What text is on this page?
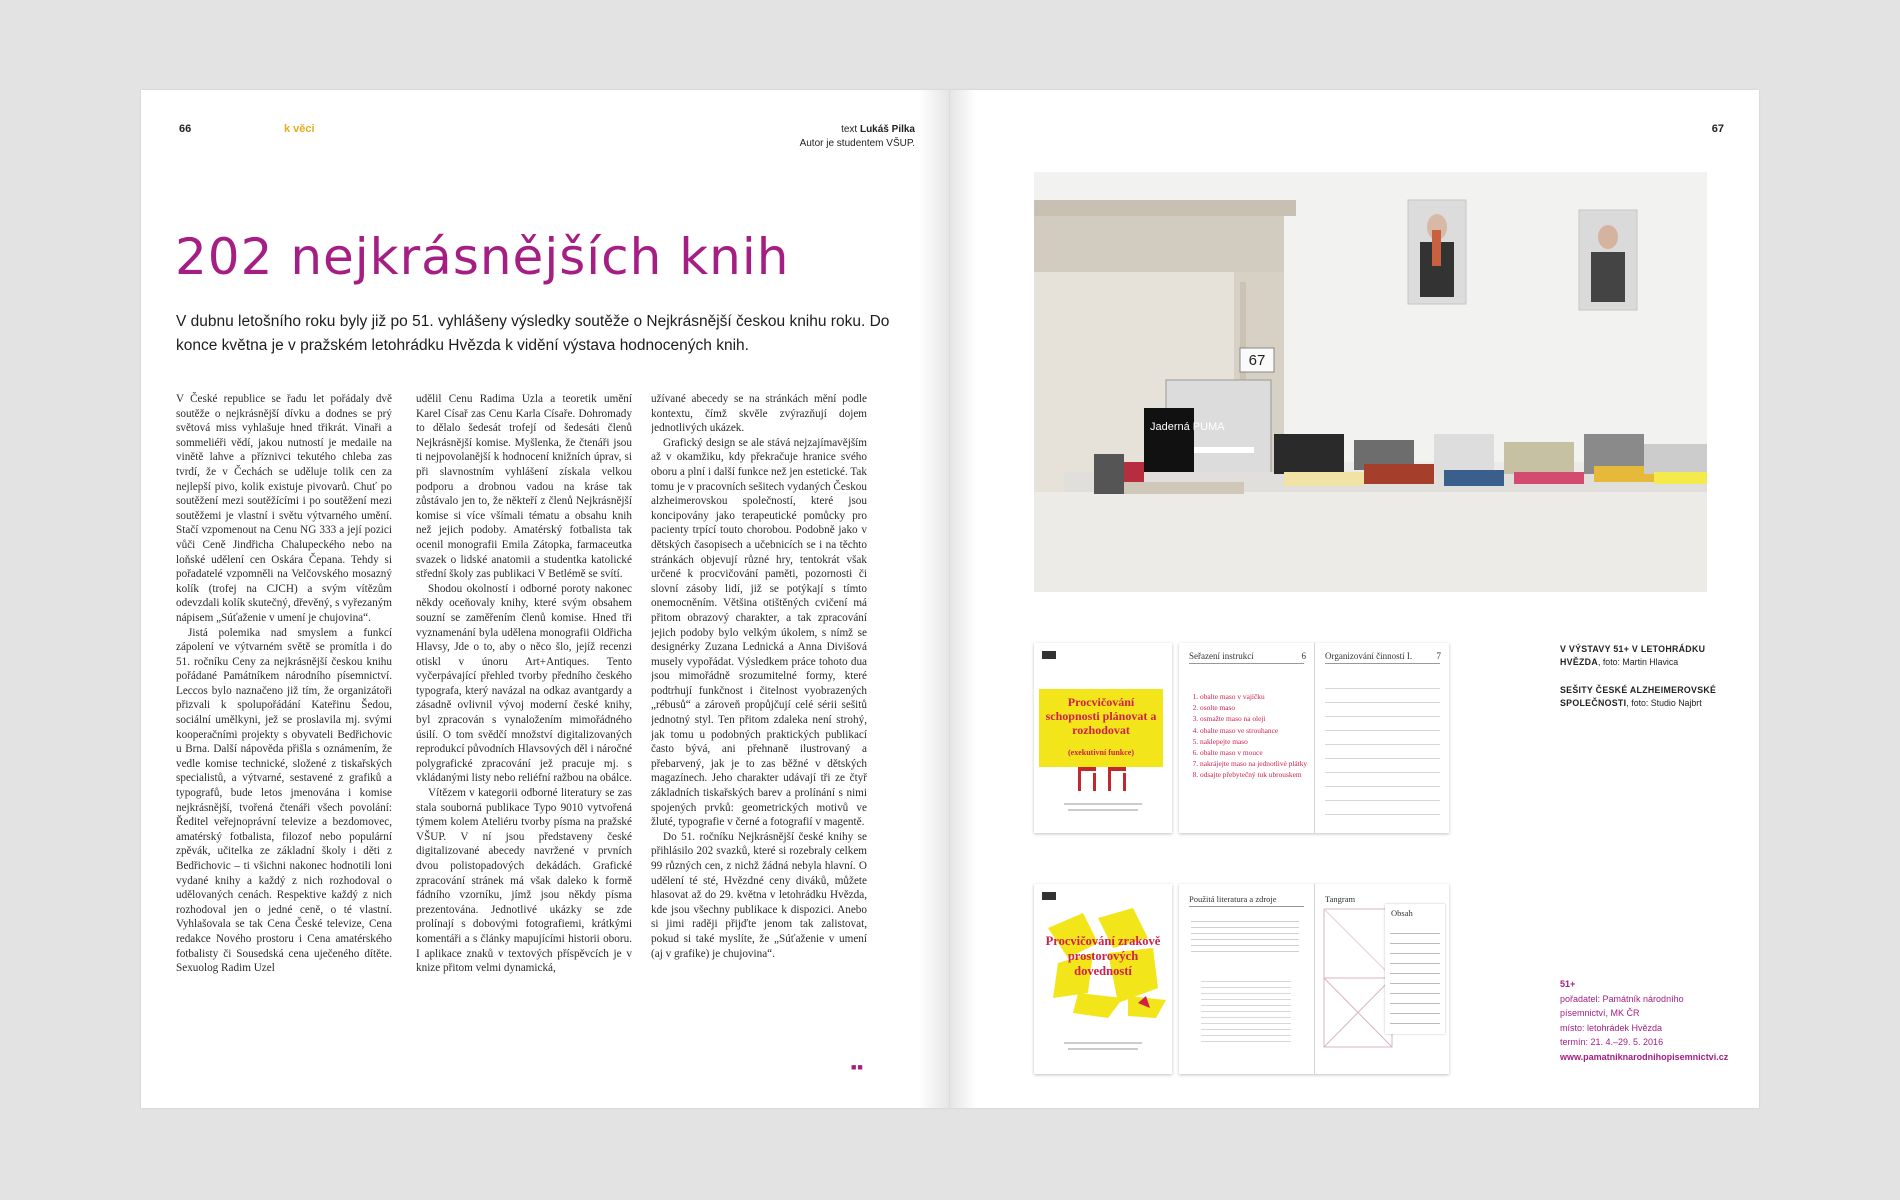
66	k věci	text Lukáš Pilka
Autor je studentem VŠUP.
202 nejkrásnějších knih

V dubnu letošního roku byly již po 51. vyhlášeny výsledky soutěže o Nejkrásnější českou knihu roku. Do konce května je v pražském letohrádku Hvězda k vidění výstava hodnocených knih.

V České republice se řadu let pořádaly dvě soutěže o nejkrásnější dívku a dodnes se prý světová miss vyhlašuje hned třikrát. Vinaři a sommeliéři vědí, jakou nutností je medaile na vinětě lahve a příznivci tekutého chleba zas tvrdí, že v Čechách se uděluje tolik cen za nejlepší pivo, kolik existuje pivovarů. Chuť po soutěžení mezi soutěžícími i po soutěžení mezi soutěžemi je vlastní i světu výtvarného umění. Stačí vzpomenout na Cenu NG 333 a její pozici vůči Ceně Jindřicha Chalupeckého nebo na loňské udělení cen Oskára Čepana. Tehdy si pořadatelé vzpomněli na Velčovského mosazný kolík (trofej na CJCH) a svým vítězům odevzdali kolík skutečný, dřevěný, s vyřezaným nápisem „Súťaženie v umení je chujovina“.

Jistá polemika nad smyslem a funkcí zápolení ve výtvarném světě se promítla i do 51. ročníku Ceny za nejkrásnější českou knihu pořádané Památníkem národního písemnictví. Leccos bylo naznačeno již tím, že organizátoři přizvali k spolupořádání Kateřinu Šedou, sociální umělkyni, jež se proslavila mj. svými kooperačními projekty s obyvateli Bedřichovic u Brna. Další nápověda přišla s oznámením, že vedle komise technické, složené z tiskařských specialistů, a výtvarné, sestavené z grafiků a typografů, bude letos jmenována i komise nejkrásnější, tvořená čtenáři všech povolání: Ředitel veřejnoprávní televize a bezdomovec, amatérský fotbalista, filozof nebo populární zpěvák, učitelka ze základní školy i děti z Bedřichovic – ti všichni nakonec hodnotili loni vydané knihy a každý z nich rozhodoval o udělovaných cenách. Respektive každý z nich rozhodoval jen o jedné ceně, o té vlastní. Vyhlašovala se tak Cena České televize, Cena redakce Nového prostoru i Cena amatérského fotbalisty či Sousedská cena uječeného dítěte. Sexuolog Radim Uzel

udělil Cenu Radima Uzla a teoretik umění Karel Císař zas Cenu Karla Císaře. Dohromady to dělalo šedesát trofejí od šedesáti členů Nejkrásnější komise. Myšlenka, že čtenáři jsou ti nejpovolanější k hodnocení knižních úprav, si při slavnostním vyhlášení získala velkou podporu a drobnou vadou na kráse tak zůstávalo jen to, že někteří z členů Nejkrásnější komise si více všímali tématu a obsahu knih než jejich podoby. Amatérský fotbalista tak ocenil monografii Emila Zátopka, farmaceutka svazek o lidské anatomii a studentka katolické střední školy zas publikaci V Betlémě se svítí.

Shodou okolností i odborné poroty nakonec někdy oceňovaly knihy, které svým obsahem souzní se zaměřením členů komise. Hned tři vyznamenání byla udělena monografii Oldřicha Hlavsy, Jde o to, aby o něco šlo, jejíž recenzi otiskl v únoru Art+Antiques. Tento vyčerpávající přehled tvorby předního českého typografa, který navázal na odkaz avantgardy a zásadně ovlivnil vývoj moderní české knihy, byl zpracován s vynaložením mimořádného úsilí. O tom svědčí množství digitalizovaných reprodukcí původních Hlavsových děl i náročné polygrafické zpracování jež pracuje mj. s vkládanými listy nebo reliéfní ražbou na obálce.

Vítězem v kategorii odborné literatury se zas stala souborná publikace Typo 9010 vytvořená týmem kolem Ateliéru tvorby písma na pražské VŠUP. V ní jsou představeny české digitalizované abecedy navržené v prvních dvou polistopadových dekádách. Grafické zpracování stránek má však daleko k formě fádního vzorníku, jímž jsou někdy písma prezentována. Jednotlivé ukázky se zde prolínají s dobovými fotografiemi, krátkými komentáři a s články mapujícími historii oboru. I aplikace znaků v textových příspěvcích je v knize přitom velmi dynamická,

užívané abecedy se na stránkách mění podle kontextu, čímž skvěle zvýrazňují dojem jednotlivých ukázek.

Grafický design se ale stává nejzajímavějším až v okamžiku, kdy překračuje hranice svého oboru a plní i další funkce než jen estetické. Tak tomu je v pracovních sešitech vydaných Českou alzheimerovskou společností, které jsou koncipovány jako terapeutické pomůcky pro pacienty trpící touto chorobou. Podobně jako v dětských časopisech a učebnicích se i na těchto stránkách objevují různé hry, tentokrát však určené k procvičování paměti, pozornosti či slovní zásoby lidí, již se potýkají s tímto onemocněním. Většina otištěných cvičení má přitom obrazový charakter, a tak zpracování jejich podoby bylo velkým úkolem, s nímž se designérky Zuzana Lednická a Anna Divišová musely vypořádat. Výsledkem práce tohoto dua jsou mimořádně srozumitelné formy, které podtrhují funkčnost i čitelnost vyobrazených „rébusů“ a zároveň propůjčují celé sérii sešitů jednotný styl. Ten přitom zdaleka není strohý, jak tomu u podobných praktických publikací často bývá, ani přehnaně ilustrovaný a přebarvený, jak je to zas běžné v dětských magazínech. Jeho charakter udávají tři ze čtyř základních tiskařských barev a prolínání s nimi spojených prvků: geometrických motivů ve žluté, typografie v černé a fotografií v magentě.

Do 51. ročníku Nejkrásnější české knihy se přihlásilo 202 svazků, které si rozebraly celkem 99 různých cen, z nichž žádná nebyla hlavní. O udělení té sté, Hvězdné ceny diváků, můžete hlasovat až do 29. května v letohrádku Hvězda, kde jsou všechny publikace k dispozici. Anebo si jimi raději přijďte jenom tak zalistovat, pokud si také myslíte, že „Súťaženie v umení (aj v grafike) je chujovina“.

■■
67
67
Jaderná PUMA
V VÝSTAVY 51+ V LETOHRÁDKU HVĚZDA, foto: Martin Hlavica
SEŠITY ČESKÉ ALZHEIMEROVSKÉ SPOLEČNOSTI, foto: Studio Najbrt
Procvičování schopnosti plánovat a rozhodovat
(exekutivní funkce)
Seřazení instrukcí	6
1. obalte maso v vajíčku
2. osolte maso
3. osmažte maso na oleji
4. obalte maso ve strouhance
5. naklepejte maso
6. obalte maso v mouce
7. nakrájejte maso na jednotlivé plátky
8. odsajte přebytečný tuk ubrouskem
Organizování činností I.	7
Procvičování zrakově prostorových dovedností
Použitá literatura a zdroje	Tangram
Obsah
51+
pořadatel: Památník národního písemnictví, MK ČR
místo: letohrádek Hvězda
termín: 21. 4.–29. 5. 2016
www.pamatniknarodnihopisemnictvi.cz
